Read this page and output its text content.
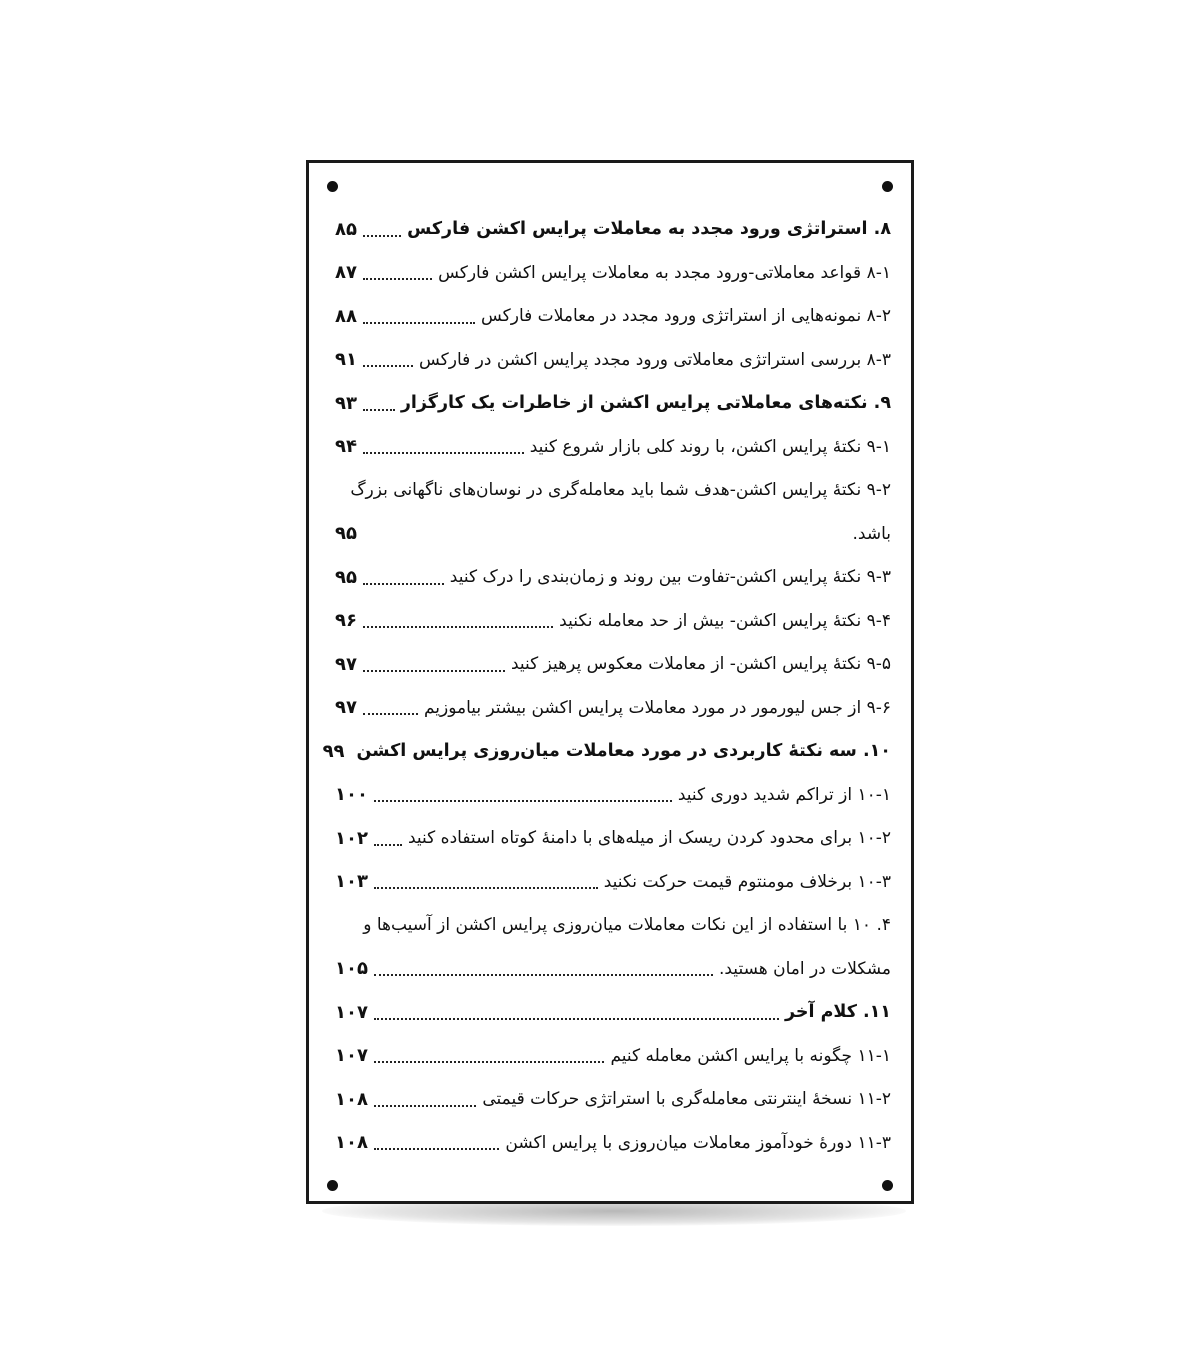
۸. استراتژی ورود مجدد به معاملات پرایس اکشن فارکس
۸۵
۸-۱ قواعد معاملاتی-ورود مجدد به معاملات پرایس اکشن فارکس
۸۷
۸-۲ نمونه‌هایی از استراتژی ورود مجدد در معاملات فارکس
۸۸
۸-۳ بررسی استراتژی معاملاتی ورود مجدد پرایس اکشن در فارکس
۹۱
۹. نکته‌های معاملاتی پرایس اکشن از خاطرات یک کارگزار
۹۳
۹-۱ نکتهٔ پرایس اکشن، با روند کلی بازار شروع کنید
۹۴
۹-۲ نکتهٔ پرایس اکشن-هدف شما باید معامله‌گری در نوسان‌های ناگهانی بزرگ
باشد.
۹۵
۹-۳ نکتهٔ پرایس اکشن-تفاوت بین روند و زمان‌بندی را درک کنید
۹۵
۹-۴ نکتهٔ پرایس اکشن- بیش از حد معامله نکنید
۹۶
۹-۵ نکتهٔ پرایس اکشن- از معاملات معکوس پرهیز کنید
۹۷
۹-۶ از جس لیورمور در مورد معاملات پرایس اکشن بیشتر بیاموزیم
۹۷
۱۰. سه نکتهٔ کاربردی در مورد معاملات میان‌روزی پرایس اکشن
۹۹
۱۰-۱ از تراکم شدید دوری کنید
۱۰۰
۱۰-۲ برای محدود کردن ریسک از میله‌های با دامنهٔ کوتاه استفاده کنید
۱۰۲
۱۰-۳ برخلاف مومنتوم قیمت حرکت نکنید
۱۰۳
۴. ۱۰ با استفاده از این نکات معاملات میان‌روزی پرایس اکشن از آسیب‌ها و
مشکلات در امان هستید.
۱۰۵
۱۱. کلام آخر
۱۰۷
۱۱-۱ چگونه با پرایس اکشن معامله کنیم
۱۰۷
۱۱-۲ نسخهٔ اینترنتی معامله‌گری با استراتژی حرکات قیمتی
۱۰۸
۱۱-۳ دورهٔ خودآموز معاملات میان‌روزی با پرایس اکشن
۱۰۸
